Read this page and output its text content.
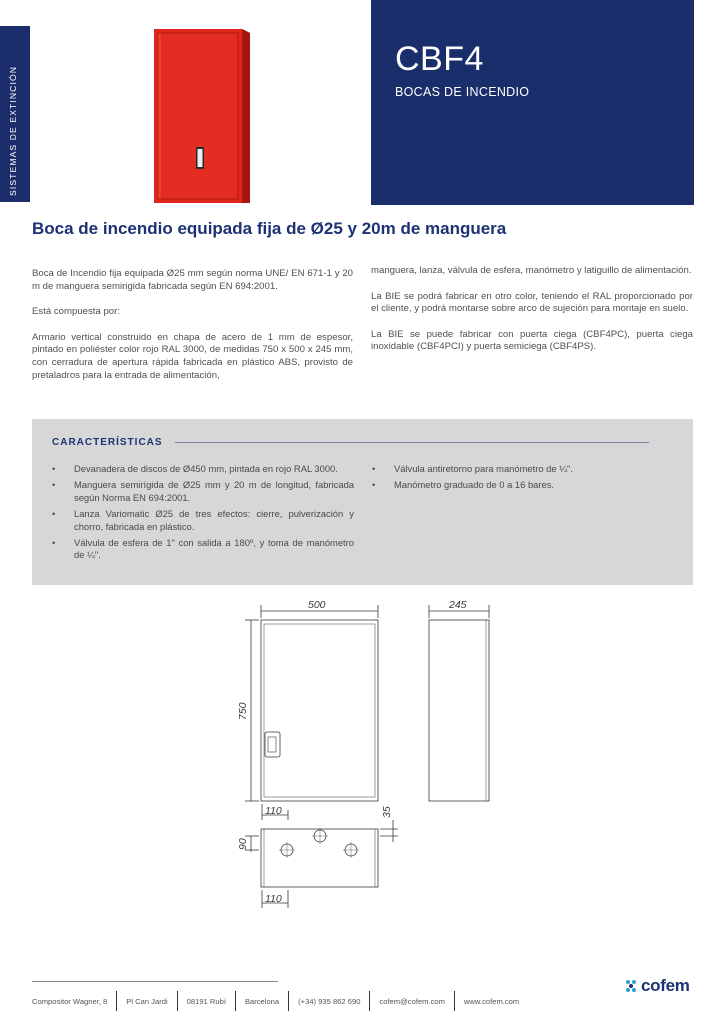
SISTEMAS DE EXTINCIÓN
CBF4
BOCAS DE INCENDIO
Boca de incendio equipada fija de Ø25 y 20m de manguera

Boca de Incendio fija equipada Ø25 mm según norma UNE/ EN 671-1 y 20 m de manguera semirigida fabricada según EN 694:2001.

Está compuesta por:

Armario vertical construido en chapa de acero de 1 mm de espesor, pintado en poliéster color rojo RAL 3000, de medidas 750 x 500 x 245 mm, con cerradura de apertura rápida fabricada en plástico ABS, provisto de pretaladros para la entrada de alimentación,

manguera, lanza, válvula de esfera, manómetro y latiguillo de alimentación.

La BIE se podrá fabricar en otro color, teniendo el RAL proporcionado por el cliente, y podrá montarse sobre arco de sujeción para montaje en suelo.

La BIE se puede fabricar con puerta ciega (CBF4PC), puerta ciega inoxidable (CBF4PCI) y puerta semiciega (CBF4PS).

CARACTERÍSTICAS
• Devanadera de discos de Ø450 mm, pintada en rojo RAL 3000.
• Manguera semirígida de Ø25 mm y 20 m de longitud, fabricada según Norma EN 694:2001.
• Lanza Variomatic Ø25 de tres efectos: cierre, pulverización y chorro, fabricada en plástico.
• Válvula de esfera de 1" con salida a 180º, y toma de manómetro de ¼".
• Válvula antiretorno para manómetro de ¼".
• Manómetro graduado de 0 a 16 bares.
500	245
750
110	35
90
110
Compositor Wagner, 8	Pl Can Jardi	08191 Rubí	Barcelona	(+34) 935 862 690	cofem@cofem.com	www.cofem.com
cofem
